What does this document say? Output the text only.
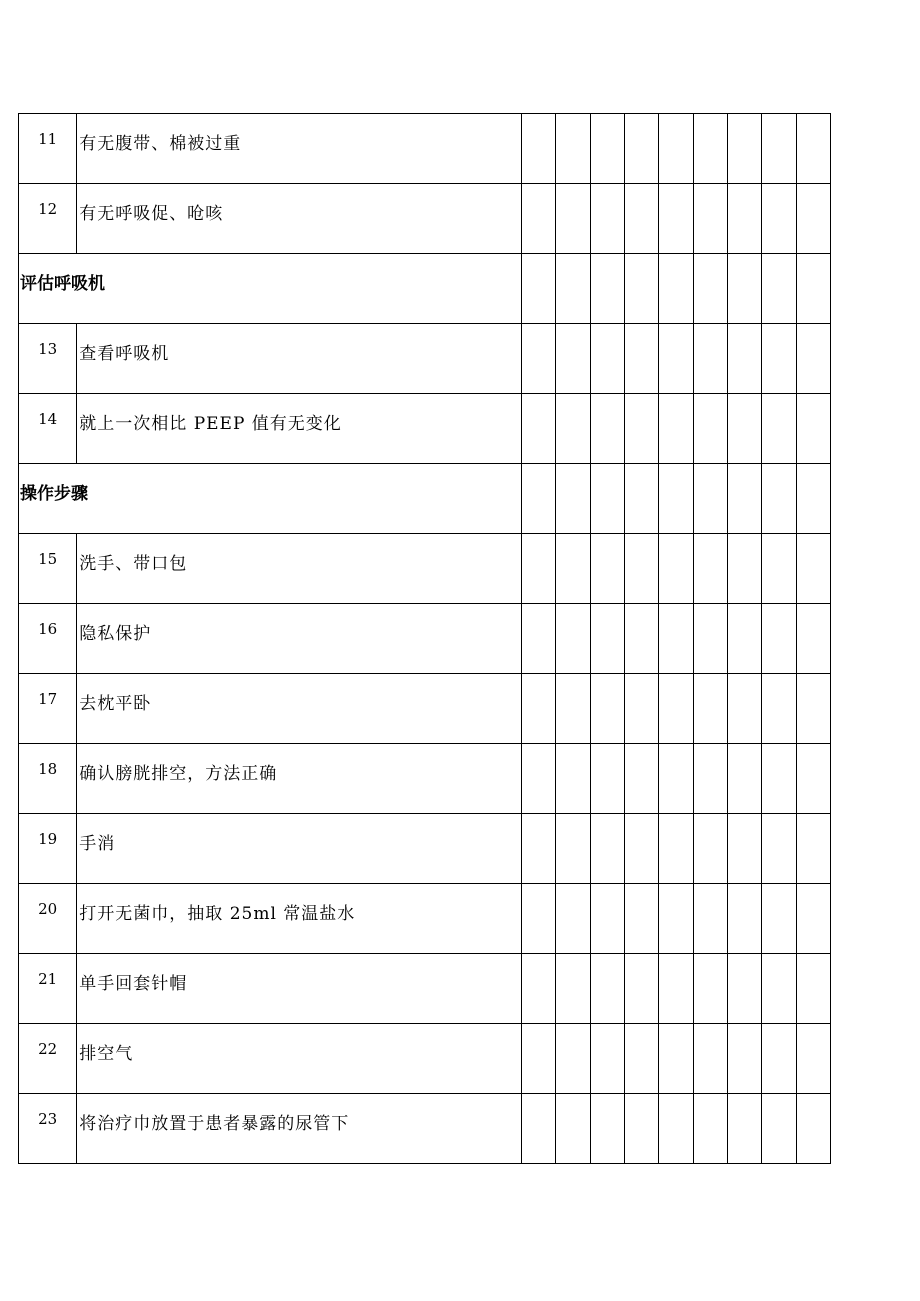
11	有无腹带、棉被过重									

12	有无呼吸促、呛咳									

评估呼吸机										

13	查看呼吸机									

14	就上一次相比 PEEP 值有无变化									

操作步骤										

15	洗手、带口包									

16	隐私保护									

17	去枕平卧									

18	确认膀胱排空，方法正确									

19	手消									

20	打开无菌巾，抽取 25ml 常温盐水									

21	单手回套针帽									

22	排空气									

23	将治疗巾放置于患者暴露的尿管下									
